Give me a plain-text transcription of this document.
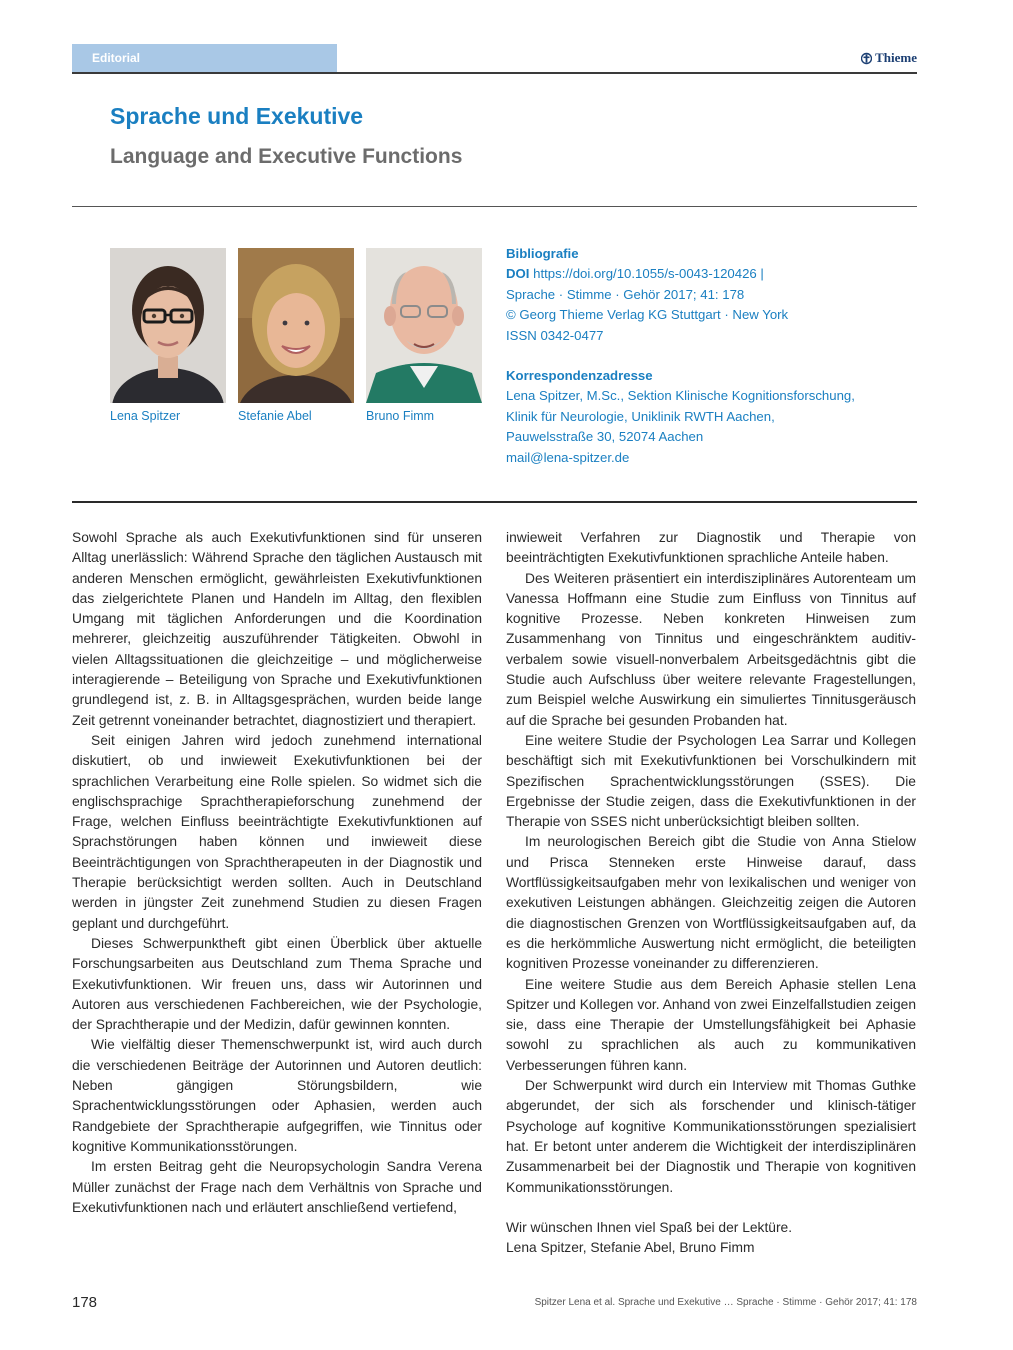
Editorial	Thieme
Sprache und Exekutive
Language and Executive Functions
Lena Spitzer	Stefanie Abel	Bruno Fimm
Bibliografie
DOI https://doi.org/10.1055/s-0043-120426 |
Sprache · Stimme · Gehör 2017; 41: 178
© Georg Thieme Verlag KG Stuttgart · New York
ISSN 0342-0477
Korrespondenzadresse
Lena Spitzer, M.Sc., Sektion Klinische Kognitionsforschung,
Klinik für Neurologie, Uniklinik RWTH Aachen,
Pauwelsstraße 30, 52074 Aachen
mail@lena-spitzer.de

Sowohl Sprache als auch Exekutivfunktionen sind für unseren Alltag unerlässlich: Während Sprache den täglichen Austausch mit anderen Menschen ermöglicht, gewährleisten Exekutivfunktionen das zielgerichtete Planen und Handeln im Alltag, den flexiblen Umgang mit täglichen Anforderungen und die Koordination mehrerer, gleichzeitig auszuführender Tätigkeiten. Obwohl in vielen Alltagssituationen die gleichzeitige – und möglicherweise interagierende – Beteiligung von Sprache und Exekutivfunktionen grundlegend ist, z. B. in Alltagsgesprächen, wurden beide lange Zeit getrennt voneinander betrachtet, diagnostiziert und therapiert.

Seit einigen Jahren wird jedoch zunehmend international diskutiert, ob und inwieweit Exekutivfunktionen bei der sprachlichen Verarbeitung eine Rolle spielen. So widmet sich die englischsprachige Sprachtherapieforschung zunehmend der Frage, welchen Einfluss beeinträchtigte Exekutivfunktionen auf Sprachstörungen haben können und inwieweit diese Beeinträchtigungen von Sprachtherapeuten in der Diagnostik und Therapie berücksichtigt werden sollten. Auch in Deutschland werden in jüngster Zeit zunehmend Studien zu diesen Fragen geplant und durchgeführt.

Dieses Schwerpunktheft gibt einen Überblick über aktuelle Forschungsarbeiten aus Deutschland zum Thema Sprache und Exekutivfunktionen. Wir freuen uns, dass wir Autorinnen und Autoren aus verschiedenen Fachbereichen, wie der Psychologie, der Sprachtherapie und der Medizin, dafür gewinnen konnten.

Wie vielfältig dieser Themenschwerpunkt ist, wird auch durch die verschiedenen Beiträge der Autorinnen und Autoren deutlich: Neben gängigen Störungsbildern, wie Sprachentwicklungsstörungen oder Aphasien, werden auch Randgebiete der Sprachtherapie aufgegriffen, wie Tinnitus oder kognitive Kommunikationsstörungen.

Im ersten Beitrag geht die Neuropsychologin Sandra Verena Müller zunächst der Frage nach dem Verhältnis von Sprache und Exekutivfunktionen nach und erläutert anschließend vertiefend,

inwieweit Verfahren zur Diagnostik und Therapie von beeinträchtigten Exekutivfunktionen sprachliche Anteile haben.

Des Weiteren präsentiert ein interdisziplinäres Autorenteam um Vanessa Hoffmann eine Studie zum Einfluss von Tinnitus auf kognitive Prozesse. Neben konkreten Hinweisen zum Zusammenhang von Tinnitus und eingeschränktem auditiv-verbalem sowie visuell-nonverbalem Arbeitsgedächtnis gibt die Studie auch Aufschluss über weitere relevante Fragestellungen, zum Beispiel welche Auswirkung ein simuliertes Tinnitusgeräusch auf die Sprache bei gesunden Probanden hat.

Eine weitere Studie der Psychologen Lea Sarrar und Kollegen beschäftigt sich mit Exekutivfunktionen bei Vorschulkindern mit Spezifischen Sprachentwicklungsstörungen (SSES). Die Ergebnisse der Studie zeigen, dass die Exekutivfunktionen in der Therapie von SSES nicht unberücksichtigt bleiben sollten.

Im neurologischen Bereich gibt die Studie von Anna Stielow und Prisca Stenneken erste Hinweise darauf, dass Wortflüssigkeitsaufgaben mehr von lexikalischen und weniger von exekutiven Leistungen abhängen. Gleichzeitig zeigen die Autoren die diagnostischen Grenzen von Wortflüssigkeitsaufgaben auf, da es die herkömmliche Auswertung nicht ermöglicht, die beteiligten kognitiven Prozesse voneinander zu differenzieren.

Eine weitere Studie aus dem Bereich Aphasie stellen Lena Spitzer und Kollegen vor. Anhand von zwei Einzelfallstudien zeigen sie, dass eine Therapie der Umstellungsfähigkeit bei Aphasie sowohl zu sprachlichen als auch zu kommunikativen Verbesserungen führen kann.

Der Schwerpunkt wird durch ein Interview mit Thomas Guthke abgerundet, der sich als forschender und klinisch-tätiger Psychologe auf kognitive Kommunikationsstörungen spezialisiert hat. Er betont unter anderem die Wichtigkeit der interdisziplinären Zusammenarbeit bei der Diagnostik und Therapie von kognitiven Kommunikationsstörungen.

Wir wünschen Ihnen viel Spaß bei der Lektüre.

Lena Spitzer, Stefanie Abel, Bruno Fimm

178	Spitzer Lena et al. Sprache und Exekutive … Sprache · Stimme · Gehör 2017; 41: 178
